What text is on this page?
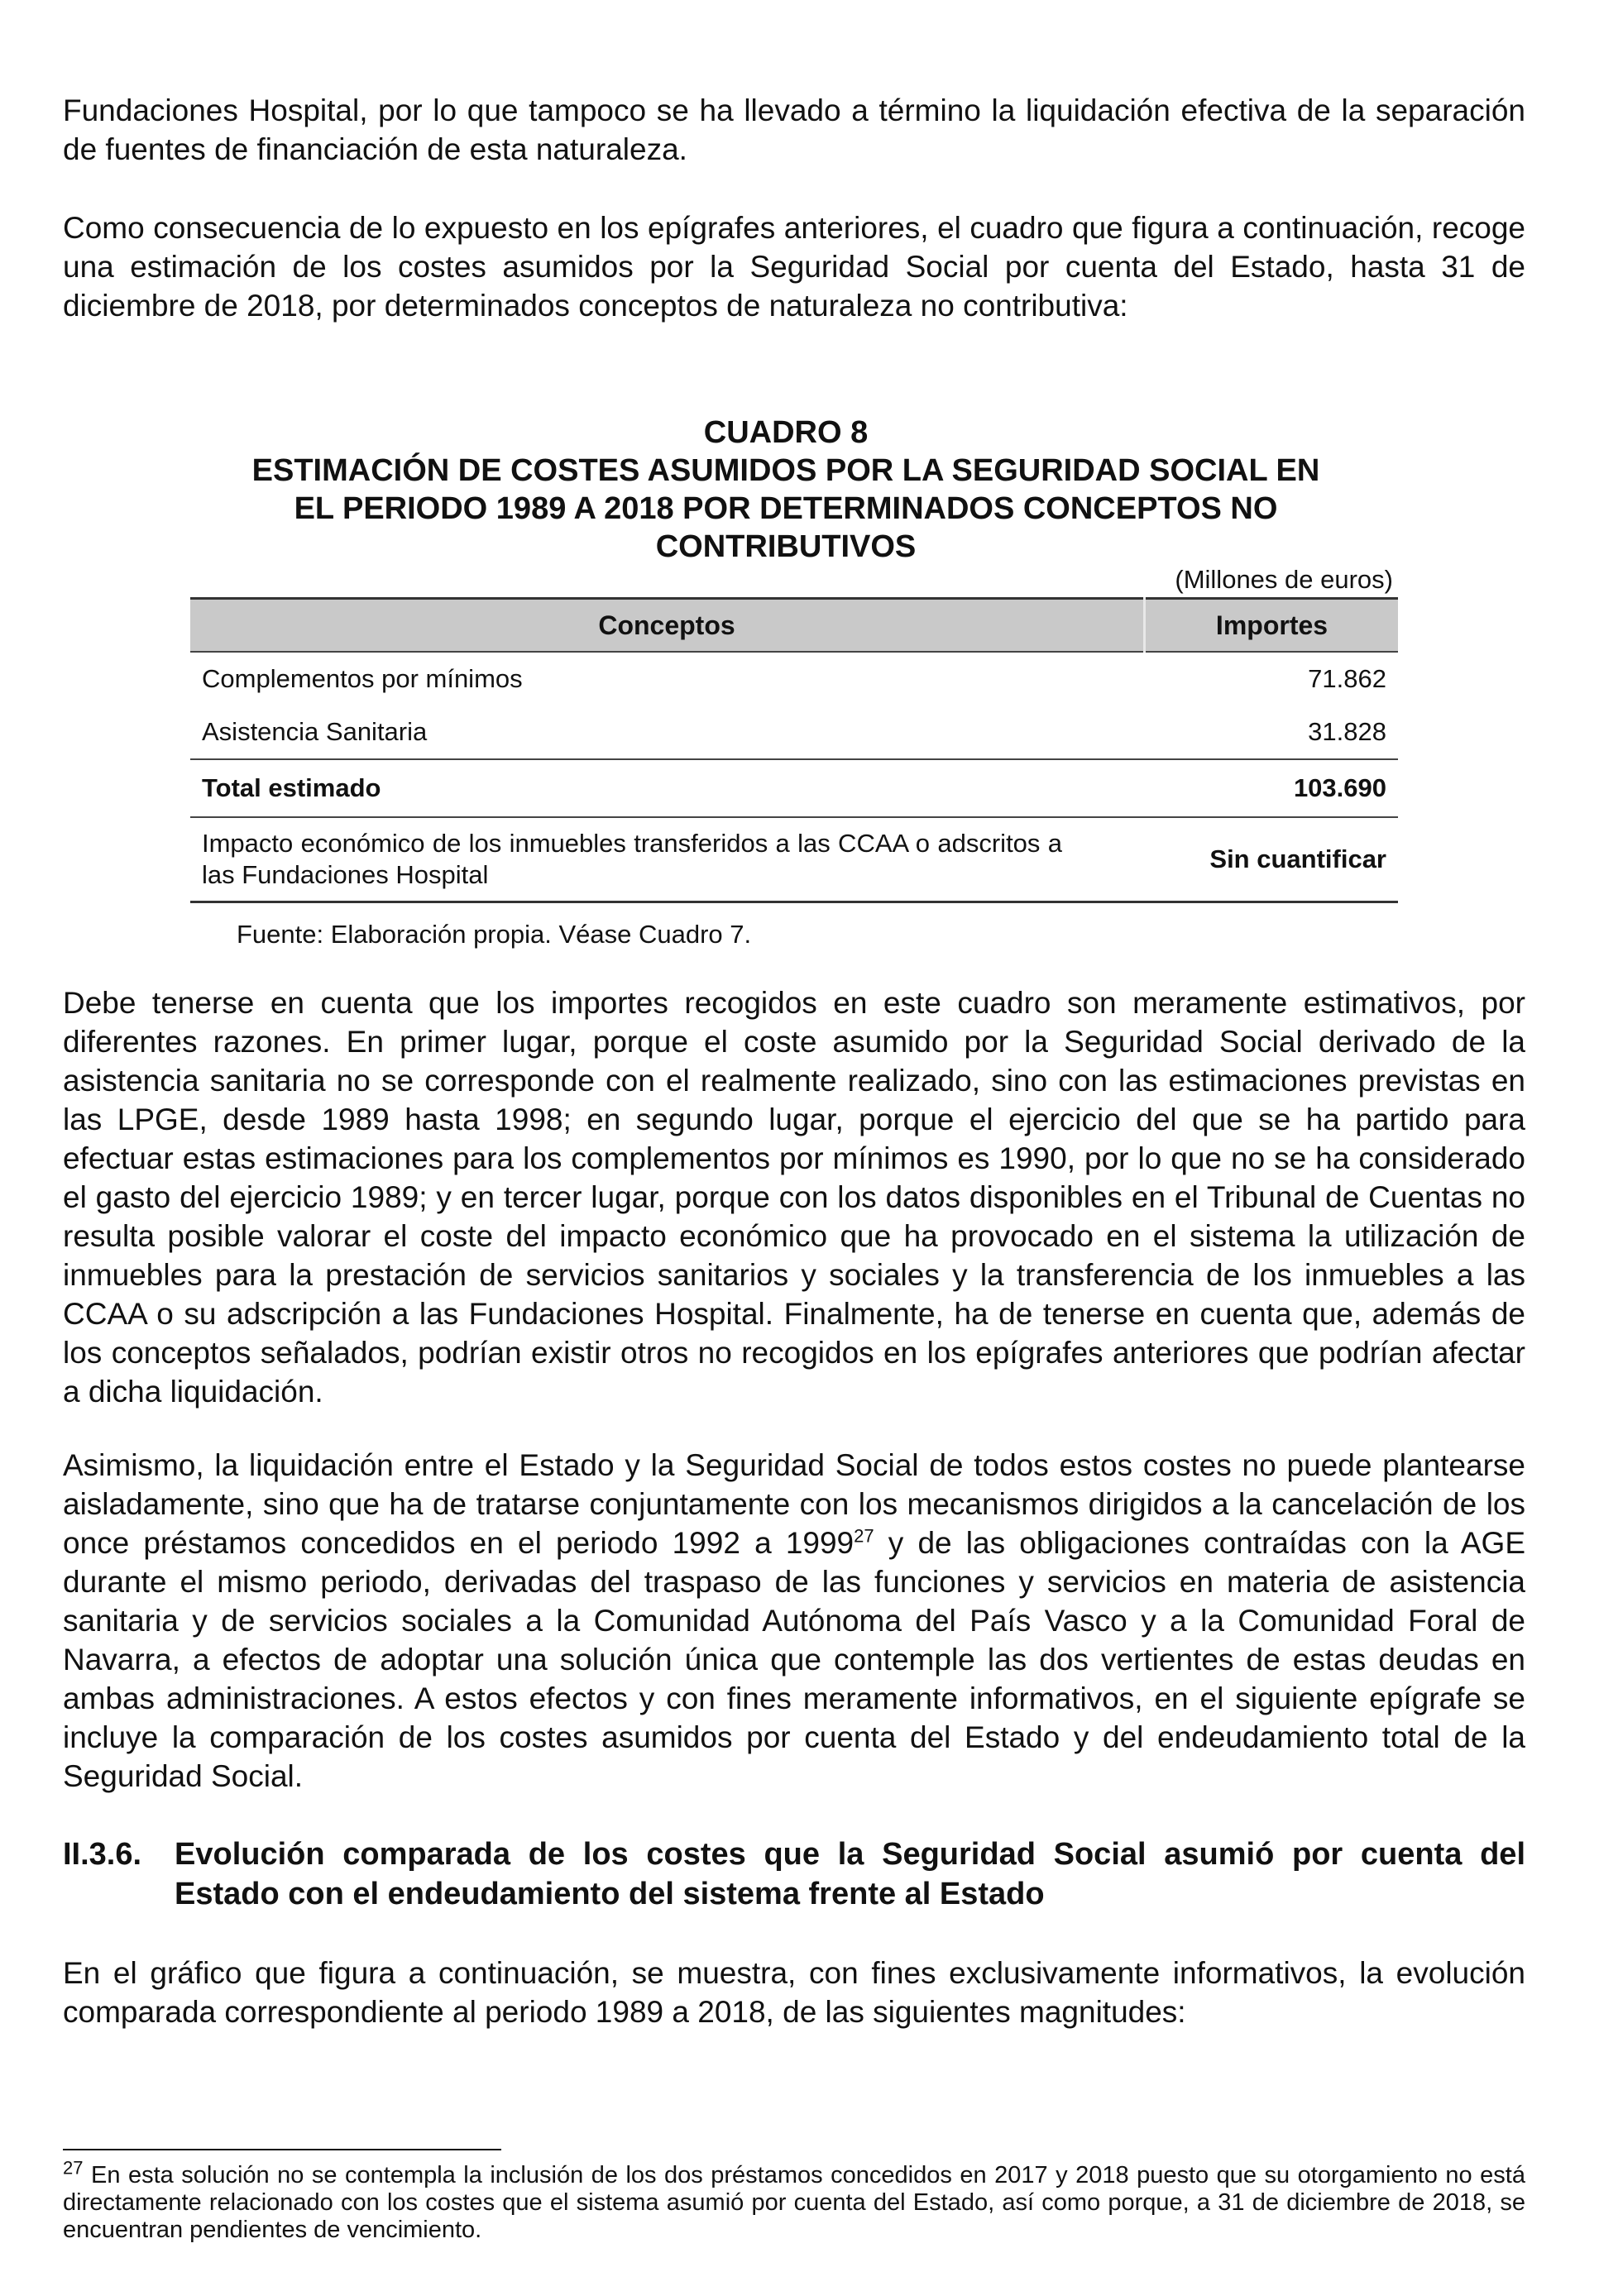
Fundaciones Hospital, por lo que tampoco se ha llevado a término la liquidación efectiva de la separación de fuentes de financiación de esta naturaleza.

Como consecuencia de lo expuesto en los epígrafes anteriores, el cuadro que figura a continuación, recoge una estimación de los costes asumidos por la Seguridad Social por cuenta del Estado, hasta 31 de diciembre de 2018, por determinados conceptos de naturaleza no contributiva:

CUADRO 8
ESTIMACIÓN DE COSTES ASUMIDOS POR LA SEGURIDAD SOCIAL EN
EL PERIODO 1989 A 2018 POR DETERMINADOS CONCEPTOS NO
CONTRIBUTIVOS
(Millones de euros)
Conceptos	Importes
Complementos por mínimos	71.862
Asistencia Sanitaria	31.828
Total estimado	103.690

Impacto económico de los inmuebles transferidos a las CCAA o adscritos a las Fundaciones Hospital	Sin cuantificar
Fuente: Elaboración propia. Véase Cuadro 7.

Debe tenerse en cuenta que los importes recogidos en este cuadro son meramente estimativos, por diferentes razones. En primer lugar, porque el coste asumido por la Seguridad Social derivado de la asistencia sanitaria no se corresponde con el realmente realizado, sino con las estimaciones previstas en las LPGE, desde 1989 hasta 1998; en segundo lugar, porque el ejercicio del que se ha partido para efectuar estas estimaciones para los complementos por mínimos es 1990, por lo que no se ha considerado el gasto del ejercicio 1989; y en tercer lugar, porque con los datos disponibles en el Tribunal de Cuentas no resulta posible valorar el coste del impacto económico que ha provocado en el sistema la utilización de inmuebles para la prestación de servicios sanitarios y sociales y la transferencia de los inmuebles a las CCAA o su adscripción a las Fundaciones Hospital. Finalmente, ha de tenerse en cuenta que, además de los conceptos señalados, podrían existir otros no recogidos en los epígrafes anteriores que podrían afectar a dicha liquidación.

Asimismo, la liquidación entre el Estado y la Seguridad Social de todos estos costes no puede plantearse aisladamente, sino que ha de tratarse conjuntamente con los mecanismos dirigidos a la cancelación de los once préstamos concedidos en el periodo 1992 a 1999$^{27}$ y de las obligaciones contraídas con la AGE durante el mismo periodo, derivadas del traspaso de las funciones y servicios en materia de asistencia sanitaria y de servicios sociales a la Comunidad Autónoma del País Vasco y a la Comunidad Foral de Navarra, a efectos de adoptar una solución única que contemple las dos vertientes de estas deudas en ambas administraciones. A estos efectos y con fines meramente informativos, en el siguiente epígrafe se incluye la comparación de los costes asumidos por cuenta del Estado y del endeudamiento total de la Seguridad Social.

II.3.6. Evolución comparada de los costes que la Seguridad Social asumió por cuenta del Estado con el endeudamiento del sistema frente al Estado

En el gráfico que figura a continuación, se muestra, con fines exclusivamente informativos, la evolución comparada correspondiente al periodo 1989 a 2018, de las siguientes magnitudes:

$^{27}$ En esta solución no se contempla la inclusión de los dos préstamos concedidos en 2017 y 2018 puesto que su otorgamiento no está directamente relacionado con los costes que el sistema asumió por cuenta del Estado, así como porque, a 31 de diciembre de 2018, se encuentran pendientes de vencimiento.
